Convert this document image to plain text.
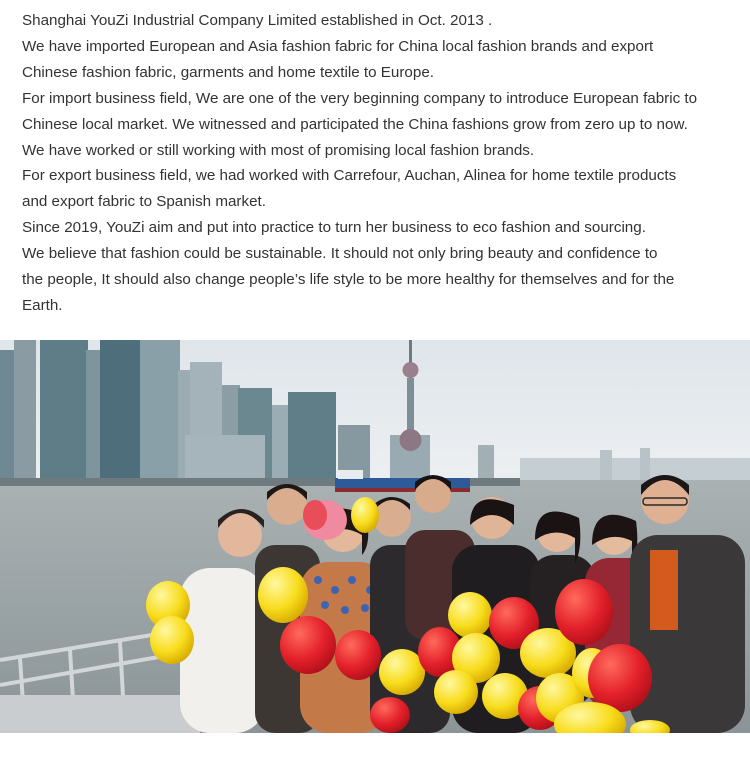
Shanghai YouZi Industrial Company Limited established in Oct. 2013 .

We have imported European and Asia fashion fabric for China local fashion brands and export

Chinese fashion fabric, garments and home textile to Europe.

For import business field, We are one of the very beginning company to introduce European fabric to

Chinese local market. We witnessed and participated the China fashions grow from zero up to now.

We have worked or still working with most of promising local fashion brands.

For export business field, we had worked with Carrefour, Auchan, Alinea for home textile products

and export fabric to Spanish market.

Since 2019, YouZi aim and put into practice to turn her business to eco fashion and sourcing.

We believe that fashion could be sustainable. It should not only bring beauty and confidence to

the people, It should also change people’s life style to be more healthy for themselves and for the

Earth.
